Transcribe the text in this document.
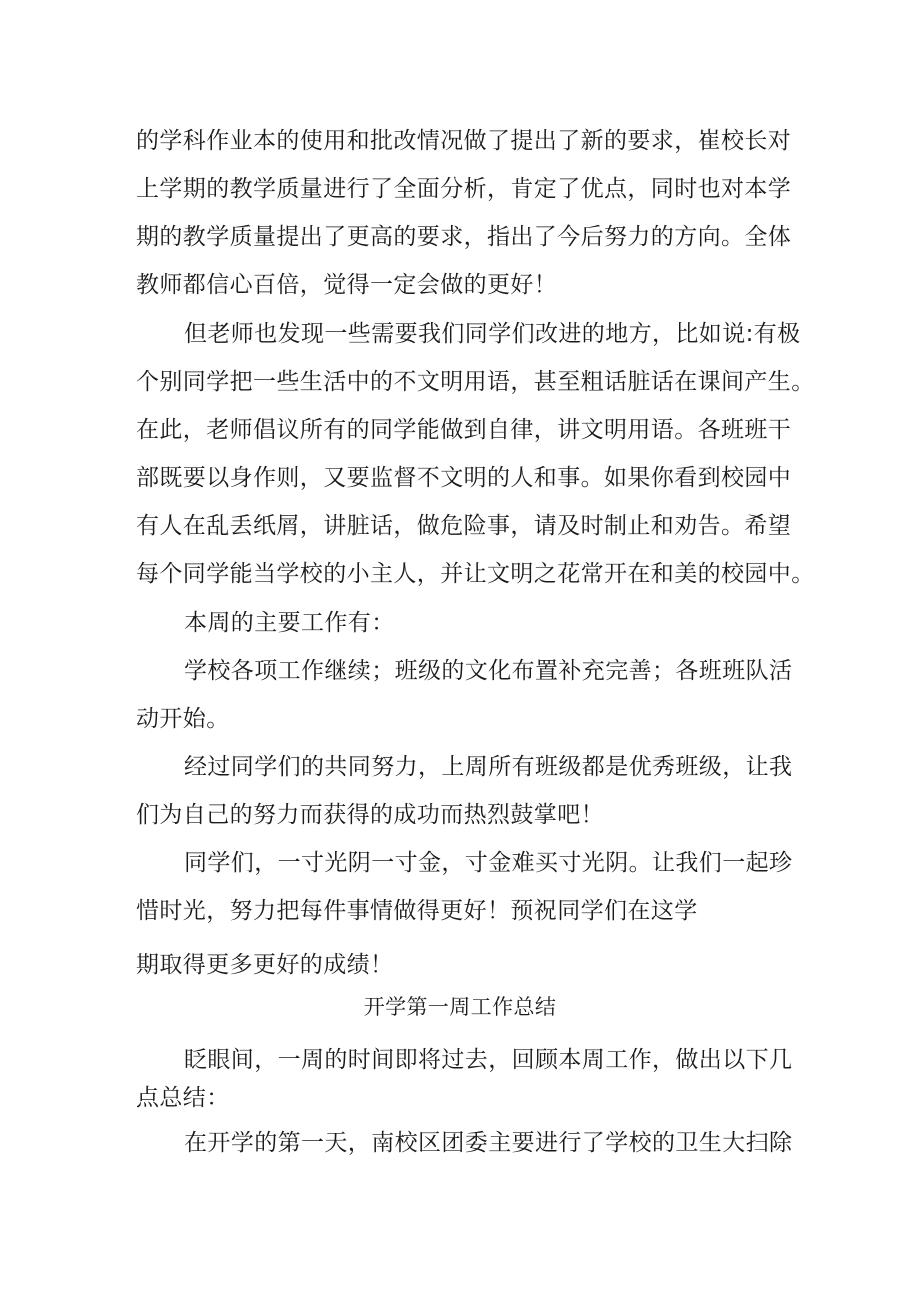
的学科作业本的使用和批改情况做了提出了新的要求，崔校长对
上学期的教学质量进行了全面分析，肯定了优点，同时也对本学
期的教学质量提出了更高的要求，指出了今后努力的方向。全体
教师都信心百倍，觉得一定会做的更好！
但老师也发现一些需要我们同学们改进的地方，比如说:有极
个别同学把一些生活中的不文明用语，甚至粗话脏话在课间产生。
在此，老师倡议所有的同学能做到自律，讲文明用语。各班班干
部既要以身作则，又要监督不文明的人和事。如果你看到校园中
有人在乱丢纸屑，讲脏话，做危险事，请及时制止和劝告。希望
每个同学能当学校的小主人，并让文明之花常开在和美的校园中。
本周的主要工作有：
学校各项工作继续；班级的文化布置补充完善；各班班队活
动开始。
经过同学们的共同努力，上周所有班级都是优秀班级，让我
们为自己的努力而获得的成功而热烈鼓掌吧！
同学们，一寸光阴一寸金，寸金难买寸光阴。让我们一起珍
惜时光，努力把每件事情做得更好！预祝同学们在这学
期取得更多更好的成绩！
开学第一周工作总结
眨眼间，一周的时间即将过去，回顾本周工作，做出以下几
点总结：
在开学的第一天，南校区团委主要进行了学校的卫生大扫除
